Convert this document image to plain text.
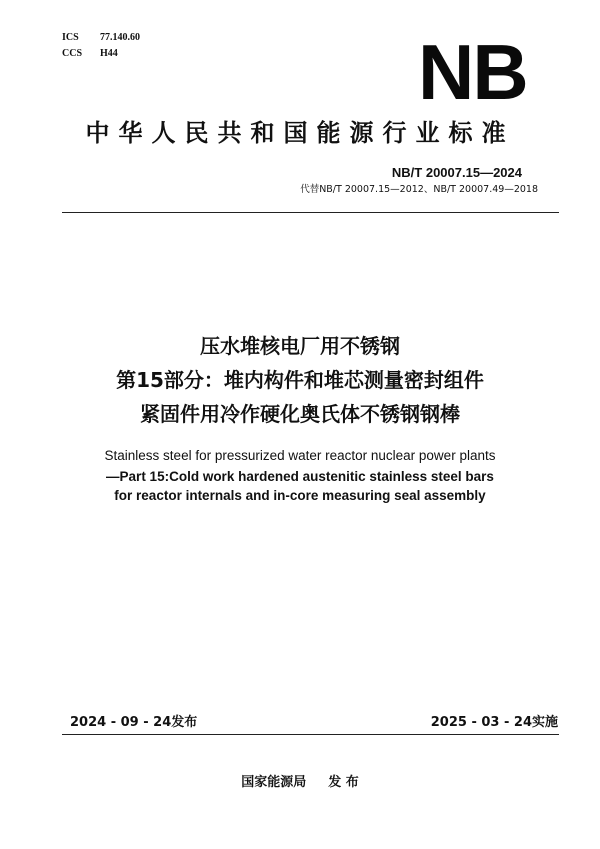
ICS	77.140.60
CCS	H44	NB
中华人民共和国能源行业标准
NB/T 20007.15—2024
代替NB/T 20007.15—2012、NB/T 20007.49—2018
压水堆核电厂用不锈钢
第15部分：堆内构件和堆芯测量密封组件
紧固件用冷作硬化奥氏体不锈钢钢棒
Stainless steel for pressurized water reactor nuclear power plants
—Part 15:Cold work hardened austenitic stainless steel bars
for reactor internals and in-core measuring seal assembly
2024 - 09 - 24发布	2025 - 03 - 24实施
国家能源局 发 布
